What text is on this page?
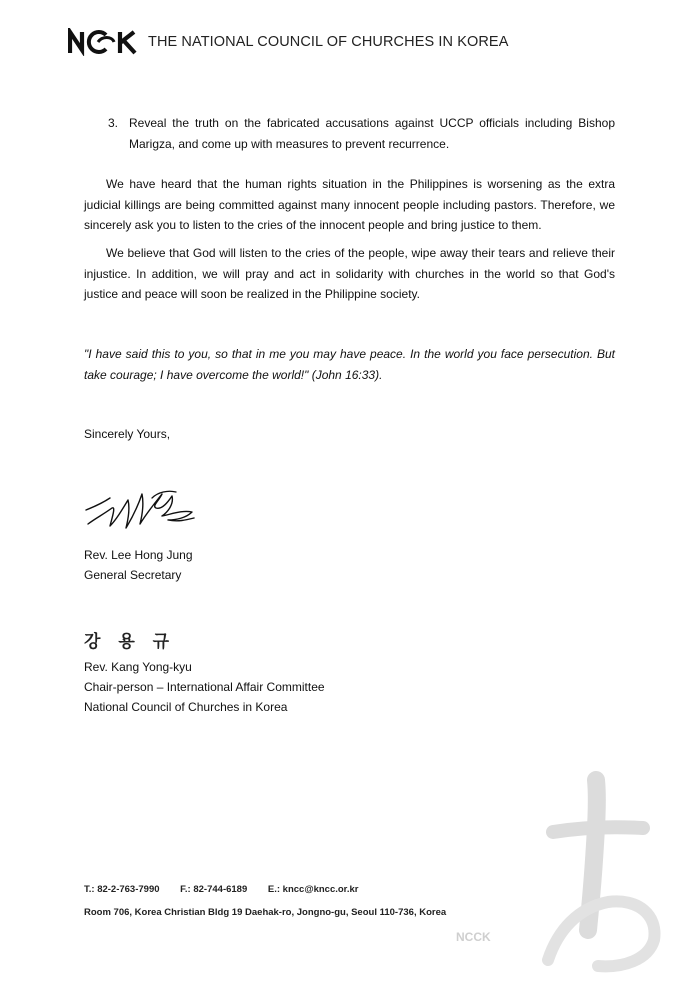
THE NATIONAL COUNCIL OF CHURCHES IN KOREA
3. Reveal the truth on the fabricated accusations against UCCP officials including Bishop Marigza, and come up with measures to prevent recurrence.
We have heard that the human rights situation in the Philippines is worsening as the extra judicial killings are being committed against many innocent people including pastors. Therefore, we sincerely ask you to listen to the cries of the innocent people and bring justice to them.
We believe that God will listen to the cries of the people, wipe away their tears and relieve their injustice. In addition, we will pray and act in solidarity with churches in the world so that God's justice and peace will soon be realized in the Philippine society.
"I have said this to you, so that in me you may have peace. In the world you face persecution. But take courage; I have overcome the world!" (John 16:33).
Sincerely Yours,
Rev. Lee Hong Jung
General Secretary
강 용 규
Rev. Kang Yong-kyu
Chair-person – International Affair Committee
National Council of Churches in Korea
NCCK
T.: 82-2-763-7990 F.: 82-744-6189 E.: kncc@kncc.or.kr
Room 706, Korea Christian Bldg 19 Daehak-ro, Jongno-gu, Seoul 110-736, Korea
